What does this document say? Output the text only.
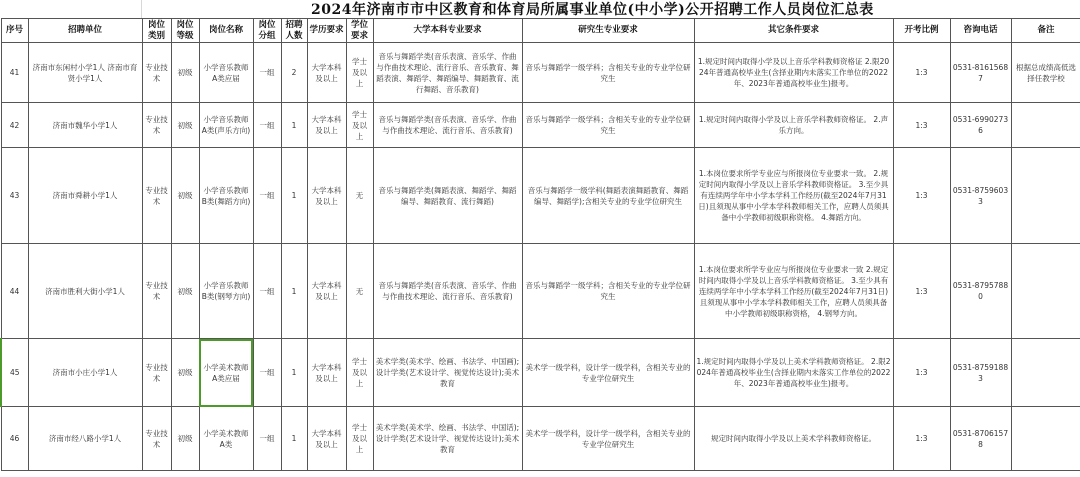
2024年济南市市中区教育和体育局所属事业单位(中小学)公开招聘工作人员岗位汇总表
序号	招聘单位	岗位类别	岗位等级	岗位名称	岗位分组	招聘人数	学历要求	学位要求	大学本科专业要求	研究生专业要求	其它条件要求	开考比例	咨询电话	备注
41	济南市东闲村小学1人 济南市育贤小学1人	专业技术	初级	小学音乐教师A类应届	一组	2	大学本科及以上	学士及以上	音乐与舞蹈学类(音乐表演、音乐学、作曲与作曲技术理论、流行音乐、音乐教育、舞蹈表演、舞蹈学、舞蹈编导、舞蹈教育、流行舞蹈、音乐教育)	音乐与舞蹈学一级学科；含相关专业的专业学位研究生	1.规定时间内取得小学及以上音乐学科教师资格证 2.限2024年普通高校毕业生(含择业期内未落实工作单位的2022年、2023年普通高校毕业生)报考。	1:3	0531-81615687	根据总成绩高低选择任教学校
42	济南市魏华小学1人	专业技术	初级	小学音乐教师A类(声乐方向)	一组	1	大学本科及以上	学士及以上	音乐与舞蹈学类(音乐表演、音乐学、作曲与作曲技术理论、流行音乐、音乐教育)	音乐与舞蹈学一级学科；含相关专业的专业学位研究生	1.规定时间内取得小学及以上音乐学科教师资格证。 2.声乐方向。	1:3	0531-69902736	
43	济南市舜耕小学1人	专业技术	初级	小学音乐教师B类(舞蹈方向)	一组	1	大学本科及以上	无	音乐与舞蹈学类(舞蹈表演、舞蹈学、舞蹈编导、舞蹈教育、流行舞蹈)	音乐与舞蹈学一级学科(舞蹈表演舞蹈教育、舞蹈编导、舞蹈学);含相关专业的专业学位研究生	1.本岗位要求所学专业应与所报岗位专业要求一致。 2.规定时间内取得小学及以上音乐学科教师资格证。 3.至少具有连续两学年中小学本学科工作经历(截至2024年7月31日)且须现从事中小学本学科教师相关工作，应聘人员须具备中小学教师初级职称资格。 4.舞蹈方向。	1:3	0531-87596033	
44	济南市胜利大街小学1人	专业技术	初级	小学音乐教师B类(钢琴方向)	一组	1	大学本科及以上	无	音乐与舞蹈学类(音乐表演、音乐学、作曲与作曲技术理论、流行音乐、音乐教育)	音乐与舞蹈学一级学科；含相关专业的专业学位研究生	1.本岗位要求所学专业应与所报岗位专业要求一致 2.规定时间内取得小学及以上音乐学科教师资格证。 3.至少具有连续两学年中小学本学科工作经历(截至2024年7月31日)且须现从事中小学本学科教师相关工作，应聘人员须具备中小学教师初级职称资格， 4.钢琴方向。	1:3	0531-87957880	
45	济南市小庄小学1人	专业技术	初级	小学美术教师A类应届	一组	1	大学本科及以上	学士及以上	美术学类(美术学、绘画、书法学、中国画);设计学类(艺术设计学、视觉传达设计);美术教育	美术学一级学科，设计学一级学科，含相关专业的专业学位研究生	1.规定时间内取得小学及以上美术学科教师资格证。 2.限2024年普通高校毕业生(含择业期内未落实工作单位的2022年、2023年普通高校毕业生)报考。	1:3	0531-87591883	
46	济南市经八路小学1人	专业技术	初级	小学美术教师A类	一组	1	大学本科及以上	学士及以上	美术学类(美术学、绘画、书法学、中国话);设计学类(艺术设计学、视觉传达设计);美术教育	美术学一级学科，设计学一级学科，含相关专业的专业学位研究生	规定时间内取得小学及以上美术学科教师资格证。	1:3	0531-87061578	
